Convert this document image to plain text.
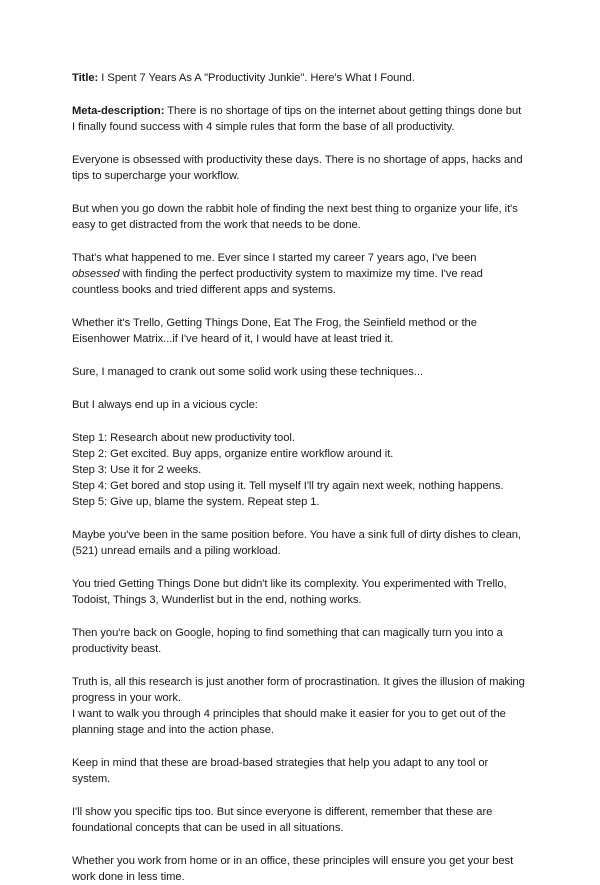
Title: I Spent 7 Years As A "Productivity Junkie". Here's What I Found.

Meta-description: There is no shortage of tips on the internet about getting things done but
I finally found success with 4 simple rules that form the base of all productivity.

Everyone is obsessed with productivity these days. There is no shortage of apps, hacks and
tips to supercharge your workflow.

But when you go down the rabbit hole of finding the next best thing to organize your life, it's
easy to get distracted from the work that needs to be done.

That's what happened to me. Ever since I started my career 7 years ago, I've been
obsessed with finding the perfect productivity system to maximize my time. I've read
countless books and tried different apps and systems.

Whether it's Trello, Getting Things Done, Eat The Frog, the Seinfield method or the
Eisenhower Matrix...if I've heard of it, I would have at least tried it.

Sure, I managed to crank out some solid work using these techniques...

But I always end up in a vicious cycle:

Step 1: Research about new productivity tool.
Step 2: Get excited. Buy apps, organize entire workflow around it.
Step 3: Use it for 2 weeks.
Step 4: Get bored and stop using it. Tell myself I'll try again next week, nothing happens.
Step 5: Give up, blame the system. Repeat step 1.

Maybe you've been in the same position before. You have a sink full of dirty dishes to clean,
(521) unread emails and a piling workload.

You tried Getting Things Done but didn't like its complexity. You experimented with Trello,
Todoist, Things 3, Wunderlist but in the end, nothing works.

Then you're back on Google, hoping to find something that can magically turn you into a
productivity beast.

Truth is, all this research is just another form of procrastination. It gives the illusion of making
progress in your work.
I want to walk you through 4 principles that should make it easier for you to get out of the
planning stage and into the action phase.

Keep in mind that these are broad-based strategies that help you adapt to any tool or
system.

I'll show you specific tips too. But since everyone is different, remember that these are
foundational concepts that can be used in all situations.

Whether you work from home or in an office, these principles will ensure you get your best
work done in less time.
